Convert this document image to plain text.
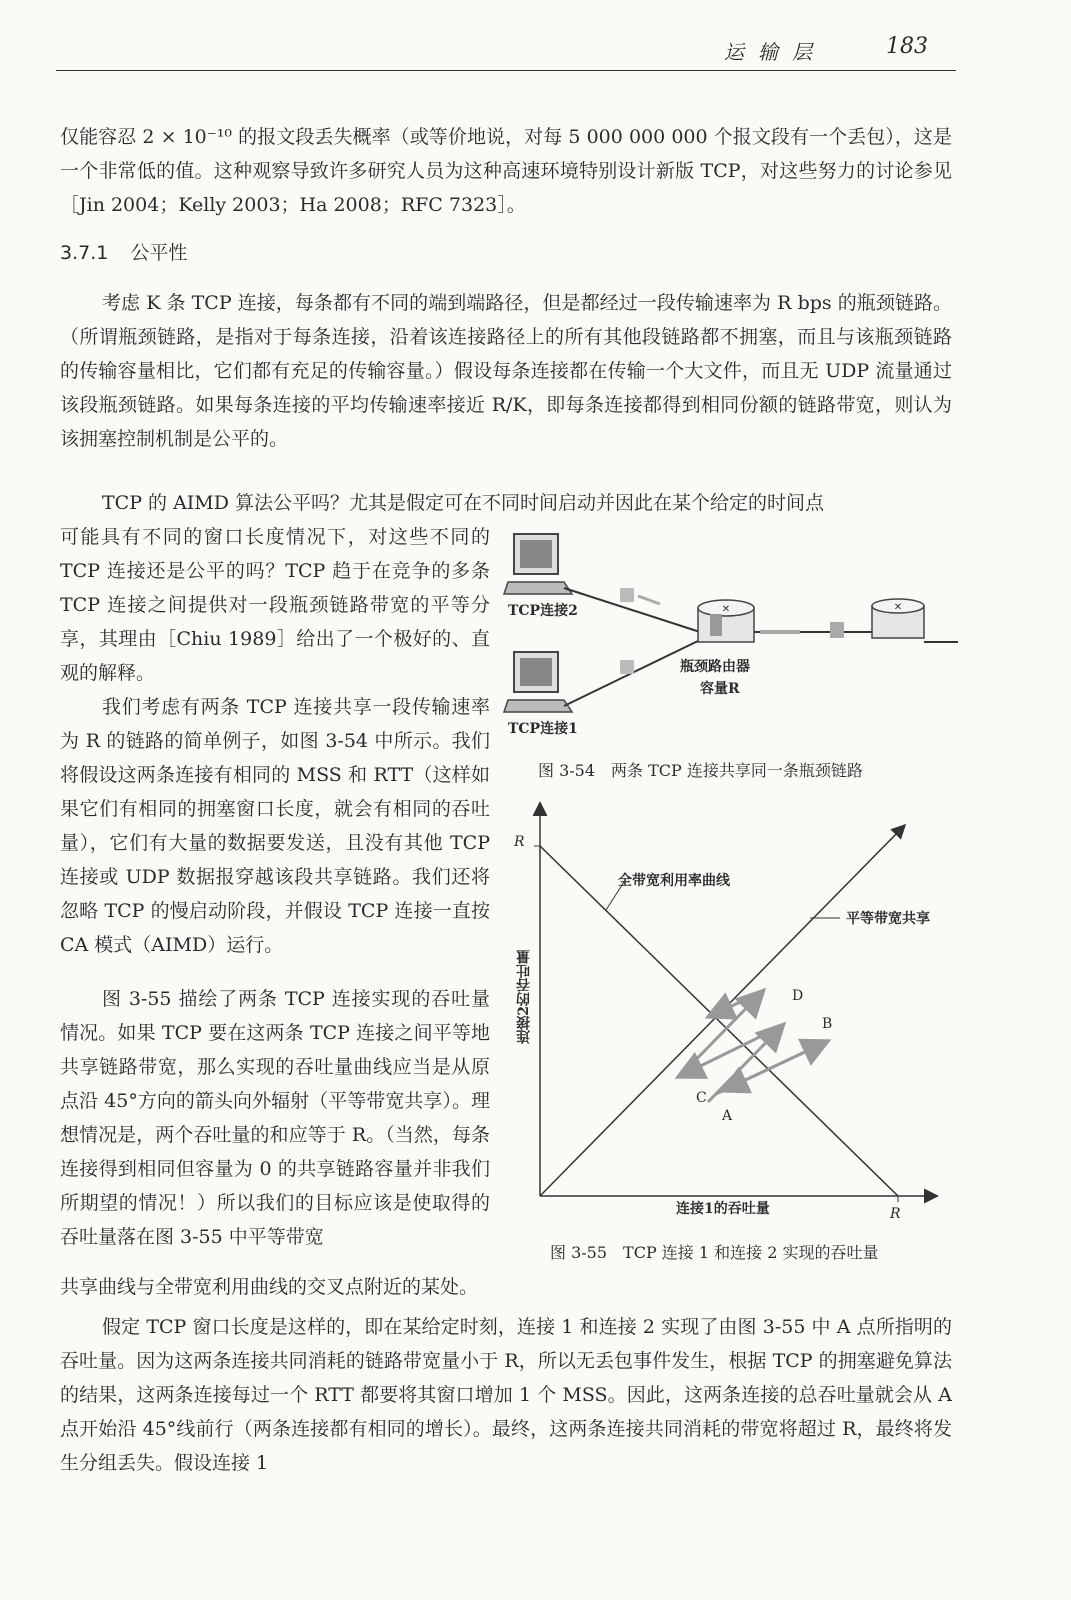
运输层	183

仅能容忍 2 × 10⁻¹⁰ 的报文段丢失概率（或等价地说，对每 5 000 000 000 个报文段有一个丢包），这是一个非常低的值。这种观察导致许多研究人员为这种高速环境特别设计新版 TCP，对这些努力的讨论参见［Jin 2004；Kelly 2003；Ha 2008；RFC 7323］。

3.7.1 公平性

考虑 K 条 TCP 连接，每条都有不同的端到端路径，但是都经过一段传输速率为 R bps 的瓶颈链路。（所谓瓶颈链路，是指对于每条连接，沿着该连接路径上的所有其他段链路都不拥塞，而且与该瓶颈链路的传输容量相比，它们都有充足的传输容量。）假设每条连接都在传输一个大文件，而且无 UDP 流量通过该段瓶颈链路。如果每条连接的平均传输速率接近 R/K，即每条连接都得到相同份额的链路带宽，则认为该拥塞控制机制是公平的。

TCP 的 AIMD 算法公平吗？尤其是假定可在不同时间启动并因此在某个给定的时间点

可能具有不同的窗口长度情况下，对这些不同的 TCP 连接还是公平的吗？TCP 趋于在竞争的多条 TCP 连接之间提供对一段瓶颈链路带宽的平等分享，其理由［Chiu 1989］给出了一个极好的、直观的解释。

我们考虑有两条 TCP 连接共享一段传输速率为 R 的链路的简单例子，如图 3-54 中所示。我们将假设这两条连接有相同的 MSS 和 RTT（这样如果它们有相同的拥塞窗口长度，就会有相同的吞吐量），它们有大量的数据要发送，且没有其他 TCP 连接或 UDP 数据报穿越该段共享链路。我们还将忽略 TCP 的慢启动阶段，并假设 TCP 连接一直按 CA 模式（AIMD）运行。

图 3-55 描绘了两条 TCP 连接实现的吞吐量情况。如果 TCP 要在这两条 TCP 连接之间平等地共享链路带宽，那么实现的吞吐量曲线应当是从原点沿 45°方向的箭头向外辐射（平等带宽共享）。理想情况是，两个吞吐量的和应等于 R。（当然，每条连接得到相同但容量为 0 的共享链路容量并非我们所期望的情况！）所以我们的目标应该是使取得的吞吐量落在图 3-55 中平等带宽

共享曲线与全带宽利用曲线的交叉点附近的某处。

假定 TCP 窗口长度是这样的，即在某给定时刻，连接 1 和连接 2 实现了由图 3-55 中 A 点所指明的吞吐量。因为这两条连接共同消耗的链路带宽量小于 R，所以无丢包事件发生，根据 TCP 的拥塞避免算法的结果，这两条连接每过一个 RTT 都要将其窗口增加 1 个 MSS。因此，这两条连接的总吞吐量就会从 A 点开始沿 45°线前行（两条连接都有相同的增长）。最终，这两条连接共同消耗的带宽将超过 R，最终将发生分组丢失。假设连接 1

✕	✕
TCP连接2
TCP连接1
瓶颈路由器
容量R
图 3-54　两条 TCP 连接共享同一条瓶颈链路
R
R
全带宽利用率曲线
平等带宽共享
连接1的吞吐量
连接2的吞吐量
A
B
C
D
图 3-55　TCP 连接 1 和连接 2 实现的吞吐量
